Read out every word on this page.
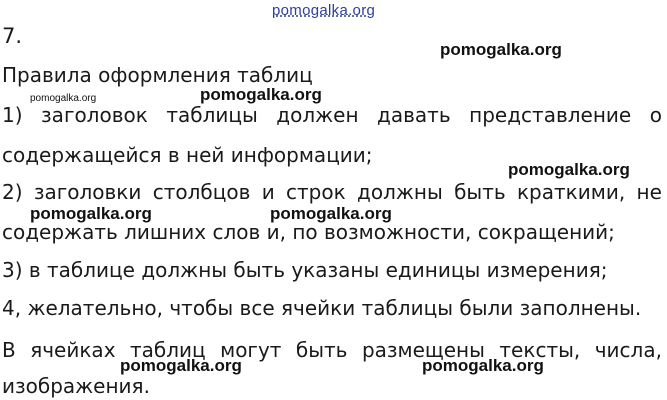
pomogalka.org
7.
pomogalka.org
Правила оформления таблиц
pomogalka.org	pomogalka.org
1) заголовок таблицы должен давать представление о
содержащейся в ней информации;
pomogalka.org
2) заголовки столбцов и строк должны быть краткими, не
pomogalka.org	pomogalka.org
содержать лишних слов и, по возможности, сокращений;
3) в таблице должны быть указаны единицы измерения;
4, желательно, чтобы все ячейки таблицы были заполнены.
В ячейках таблиц могут быть размещены тексты, числа,
pomogalka.org	pomogalka.org
изображения.
